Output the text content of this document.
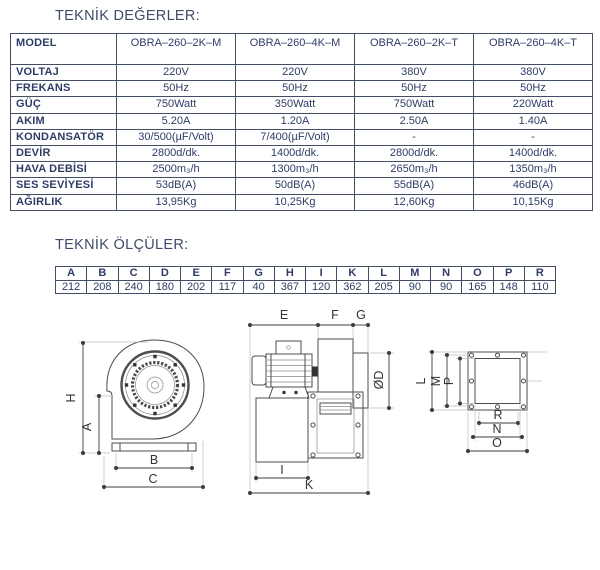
TEKNİK DEĞERLER:
MODEL	OBRA–260–2K–M	OBRA–260–4K–M	OBRA–260–2K–T	OBRA–260–4K–T
VOLTAJ	220V	220V	380V	380V
FREKANS	50Hz	50Hz	50Hz	50Hz
GÜÇ	750Watt	350Watt	750Watt	220Watt
AKIM	5.20A	1.20A	2.50A	1.40A
KONDANSATÖR	30/500(µF/Volt)	7/400(µF/Volt)	-	-
DEVİR	2800d/dk.	1400d/dk.	2800d/dk.	1400d/dk.
HAVA DEBİSİ	2500m₃/h	1300m₃/h	2650m₃/h	1350m₃/h
SES SEVİYESİ	53dB(A)	50dB(A)	55dB(A)	46dB(A)
AĞIRLIK	13,95Kg	10,25Kg	12,60Kg	10,15Kg
TEKNİK ÖLÇÜLER:
A	B	C	D	E	F	G	H	I	K	L	M	N	O	P	R
212	208	240	180	202	117	40	367	120	362	205	90	90	165	148	110
H
A
B
C
E	F G
ØD
I
K
L M P
R
N
O
